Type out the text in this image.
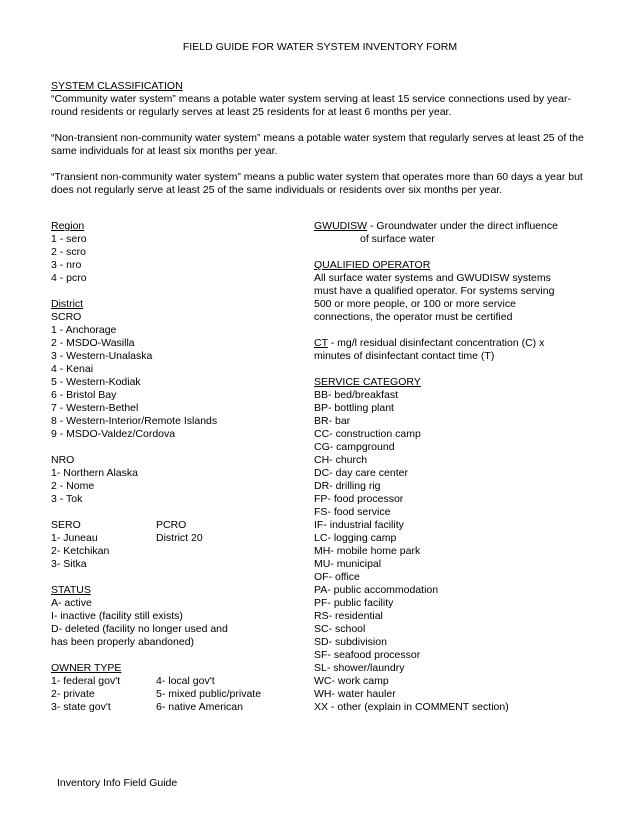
FIELD GUIDE FOR WATER SYSTEM INVENTORY FORM

SYSTEM CLASSIFICATION

“Community water system” means a potable water system serving at least 15 service connections used by year-round residents or regularly serves at least 25 residents for at least 6 months per year.

“Non-transient non-community water system” means a potable water system that regularly serves at least 25 of the same individuals for at least six months per year.

“Transient non-community water system” means a public water system that operates more than 60 days a year but does not regularly serve at least 25 of the same individuals or residents over six months per year.

Region
1 - sero
2 - scro
3 - nro
4 - pcro
District
SCRO
1 - Anchorage
2 - MSDO-Wasilla
3 - Western-Unalaska
4 - Kenai
5 - Western-Kodiak
6 - Bristol Bay
7 - Western-Bethel
8 - Western-Interior/Remote Islands
9 - MSDO-Valdez/Cordova
NRO
1- Northern Alaska
2 - Nome
3 - Tok
SERO
1- Juneau
2- Ketchikan
3- Sitka
STATUS
A- active
I- inactive (facility still exists)
D- deleted (facility no longer used and
has been properly abandoned)
OWNER TYPE
1- federal gov't
2- private
3- state gov't
PCRO
District 20
4- local gov't
5- mixed public/private
6- native American
GWUDISW - Groundwater under the direct influence
of surface water
QUALIFIED OPERATOR
All surface water systems and GWUDISW systems
must have a qualified operator. For systems serving
500 or more people, or 100 or more service
connections, the operator must be certified
CT - mg/l residual disinfectant concentration (C) x
minutes of disinfectant contact time (T)
SERVICE CATEGORY
BB- bed/breakfast
BP- bottling plant
BR- bar
CC- construction camp
CG- campground
CH- church
DC- day care center
DR- drilling rig
FP- food processor
FS- food service
IF- industrial facility
LC- logging camp
MH- mobile home park
MU- municipal
OF- office
PA- public accommodation
PF- public facility
RS- residential
SC- school
SD- subdivision
SF- seafood processor
SL- shower/laundry
WC- work camp
WH- water hauler
XX - other (explain in COMMENT section)
Inventory Info Field Guide
